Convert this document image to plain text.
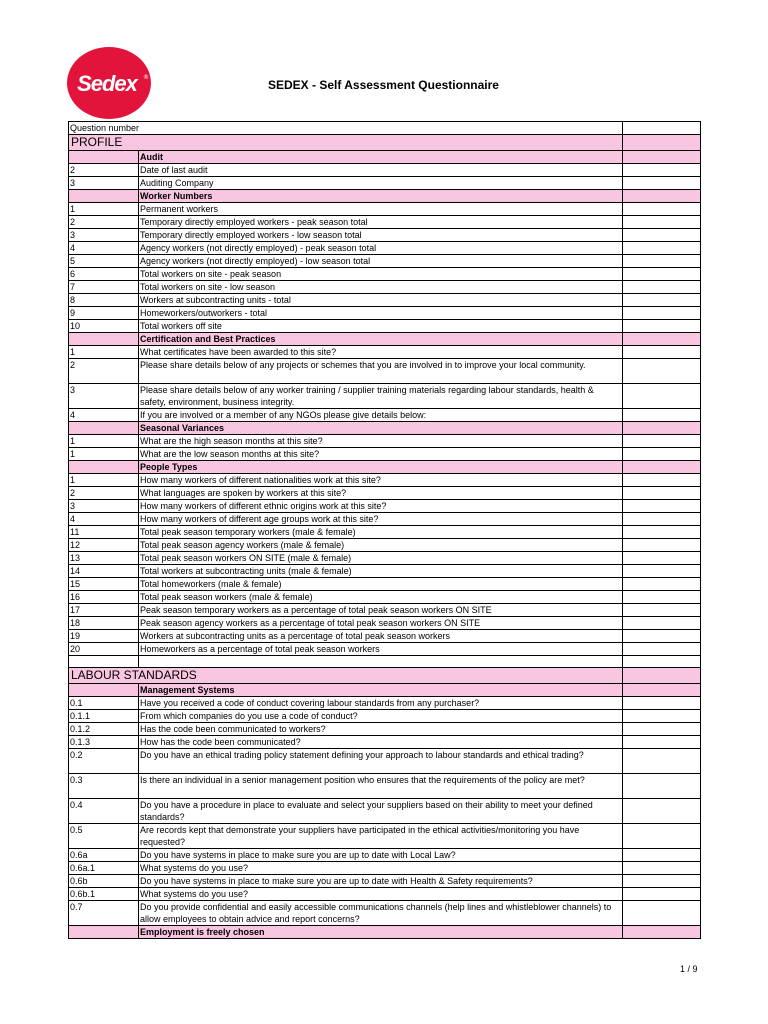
Sedex ®
SEDEX - Self Assessment Questionnaire
Question number		
PROFILE		
	Audit	
2	Date of last audit	
3	Auditing Company	
	Worker Numbers	
1	Permanent workers	
2	Temporary directly employed workers - peak season total	
3	Temporary directly employed workers - low season total	
4	Agency workers (not directly employed) - peak season total	
5	Agency workers (not directly employed) - low season total	
6	Total workers on site - peak season	
7	Total workers on site - low season	
8	Workers at subcontracting units - total	
9	Homeworkers/outworkers - total	
10	Total workers off site	
	Certification and Best Practices	
1	What certificates have been awarded to this site?	
2	Please share details below of any projects or schemes that you are involved in to improve your local community.	
3	Please share details below of any worker training / supplier training materials regarding labour standards, health & safety, environment, business integrity.	
4	If you are involved or a member of any NGOs please give details below:	
	Seasonal Variances	
1	What are the high season months at this site?	
1	What are the low season months at this site?	
	People Types	
1	How many workers of different nationalities work at this site?	
2	What languages are spoken by workers at this site?	
3	How many workers of different ethnic origins work at this site?	
4	How many workers of different age groups work at this site?	
11	Total peak season temporary workers (male & female)	
12	Total peak season agency workers (male & female)	
13	Total peak season workers ON SITE (male & female)	
14	Total workers at subcontracting units (male & female)	
15	Total homeworkers (male & female)	
16	Total peak season workers (male & female)	
17	Peak season temporary workers as a percentage of total peak season workers ON SITE	
18	Peak season agency workers as a percentage of total peak season workers ON SITE	
19	Workers at subcontracting units as a percentage of total peak season workers	
20	Homeworkers as a percentage of total peak season workers	

LABOUR STANDARDS		
	Management Systems	
0.1	Have you received a code of conduct covering labour standards from any purchaser?	
0.1.1	From which companies do you use a code of conduct?	
0.1.2	Has the code been communicated to workers?	
0.1.3	How has the code been communicated?	
0.2	Do you have an ethical trading policy statement defining your approach to labour standards and ethical trading?	
0.3	Is there an individual in a senior management position who ensures that the requirements of the policy are met?	
0.4	Do you have a procedure in place to evaluate and select your suppliers based on their ability to meet your defined standards?	
0.5	Are records kept that demonstrate your suppliers have participated in the ethical activities/monitoring you have requested?	
0.6a	Do you have systems in place to make sure you are up to date with Local Law?	
0.6a.1	What systems do you use?	
0.6b	Do you have systems in place to make sure you are up to date with Health & Safety requirements?	
0.6b.1	What systems do you use?	
0.7	Do you provide confidential and easily accessible communications channels (help lines and whistleblower channels) to allow employees to obtain advice and report concerns?	
	Employment is freely chosen	
1 / 9
